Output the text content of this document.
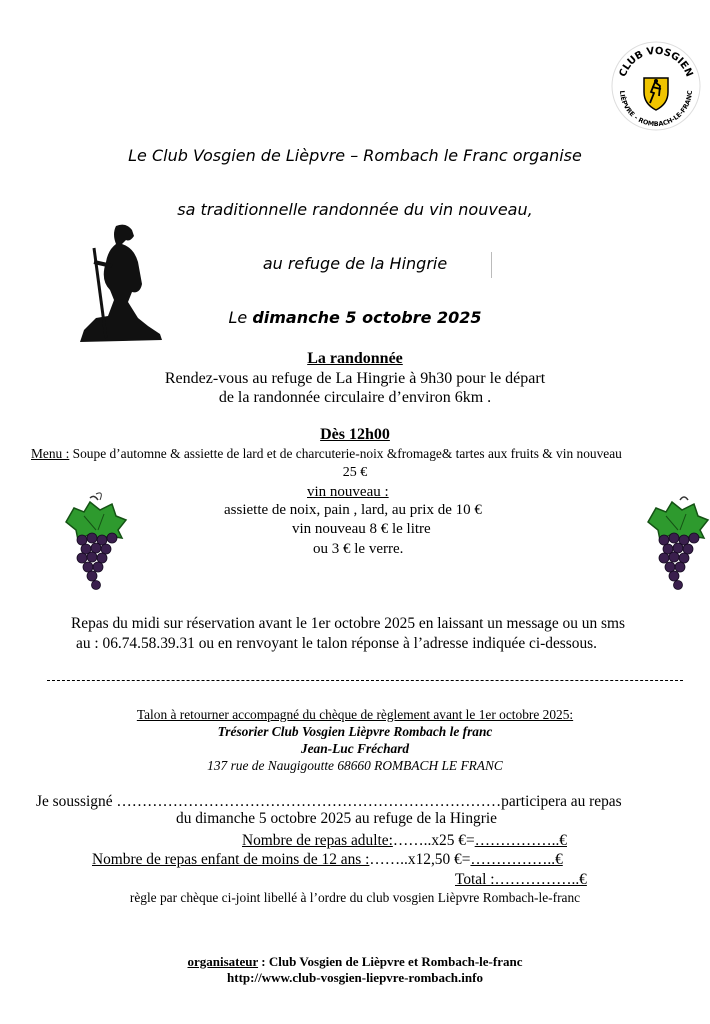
CLUB VOSGIEN
LIÈPVRE - ROMBACH-LE-FRANC
Le Club Vosgien de Lièpvre – Rombach le Franc organise
sa traditionnelle randonnée du vin nouveau,
au refuge de la Hingrie
Le dimanche 5 octobre 2025
La randonnée
Rendez-vous au refuge de La Hingrie à 9h30 pour le départ
de la randonnée circulaire d’environ 6km .
Dès 12h00
Menu : Soupe d’automne & assiette de lard et de charcuterie-noix &fromage& tartes aux fruits & vin nouveau
25 €
vin nouveau :
assiette de noix, pain , lard, au prix de 10 €
vin nouveau 8 € le litre
ou 3 € le verre.
Repas du midi sur réservation avant le 1er octobre 2025 en laissant un message ou un sms
au : 06.74.58.39.31 ou en renvoyant le talon réponse à l’adresse indiquée ci-dessous.
Talon à retourner accompagné du chèque de règlement avant le 1er octobre 2025:
Trésorier Club Vosgien Lièpvre Rombach le franc
Jean-Luc Fréchard
137 rue de Naugigoutte 68660 ROMBACH LE FRANC
Je soussigné …………………………………………………………………participera au repas
du dimanche 5 octobre 2025 au refuge de la Hingrie
Nombre de repas adulte:……..x25 €=……………..€
Nombre de repas enfant de moins de 12 ans :……..x12,50 €=……………..€
Total :……………..€
règle par chèque ci-joint libellé à l’ordre du club vosgien Lièpvre Rombach-le-franc
organisateur : Club Vosgien de Lièpvre et Rombach-le-franc
http://www.club-vosgien-liepvre-rombach.info
